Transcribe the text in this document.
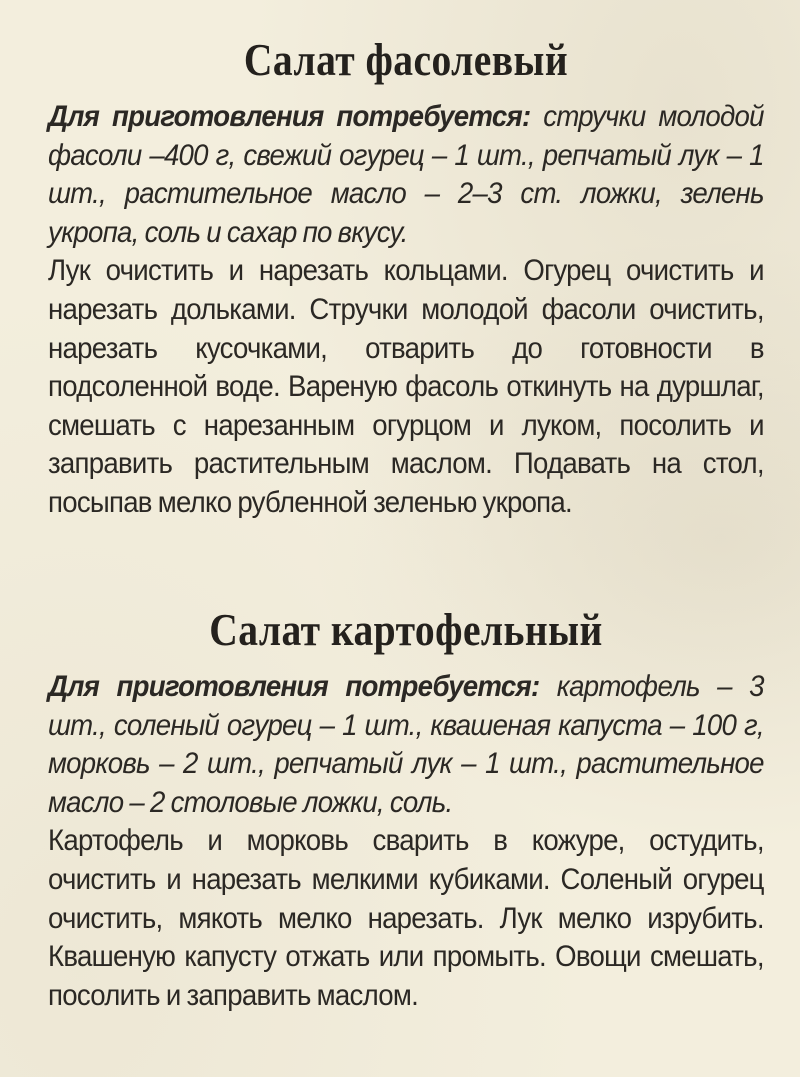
Салат фасолевый
Для приготовления потребуется: стручки молодой фасоли –400 г, свежий огурец – 1 шт., репчатый лук – 1 шт., растительное масло – 2–3 ст. ложки, зелень укропа, соль и сахар по вкусу.
Лук очистить и нарезать кольцами. Огурец очистить и нарезать дольками. Стручки молодой фасоли очистить, нарезать кусочками, отварить до готовности в подсоленной воде. Вареную фасоль откинуть на дуршлаг, смешать с нарезанным огурцом и луком, посолить и заправить растительным маслом. Подавать на стол, посыпав мелко рубленной зеленью укропа.
Салат картофельный
Для приготовления потребуется: картофель – 3 шт., соленый огурец – 1 шт., квашеная капуста – 100 г, морковь – 2 шт., репчатый лук – 1 шт., растительное масло – 2 столовые ложки, соль.
Картофель и морковь сварить в кожуре, остудить, очистить и нарезать мелкими кубиками. Соленый огурец очистить, мякоть мелко нарезать. Лук мелко изрубить. Квашеную капусту отжать или промыть. Овощи смешать, посолить и заправить маслом.
